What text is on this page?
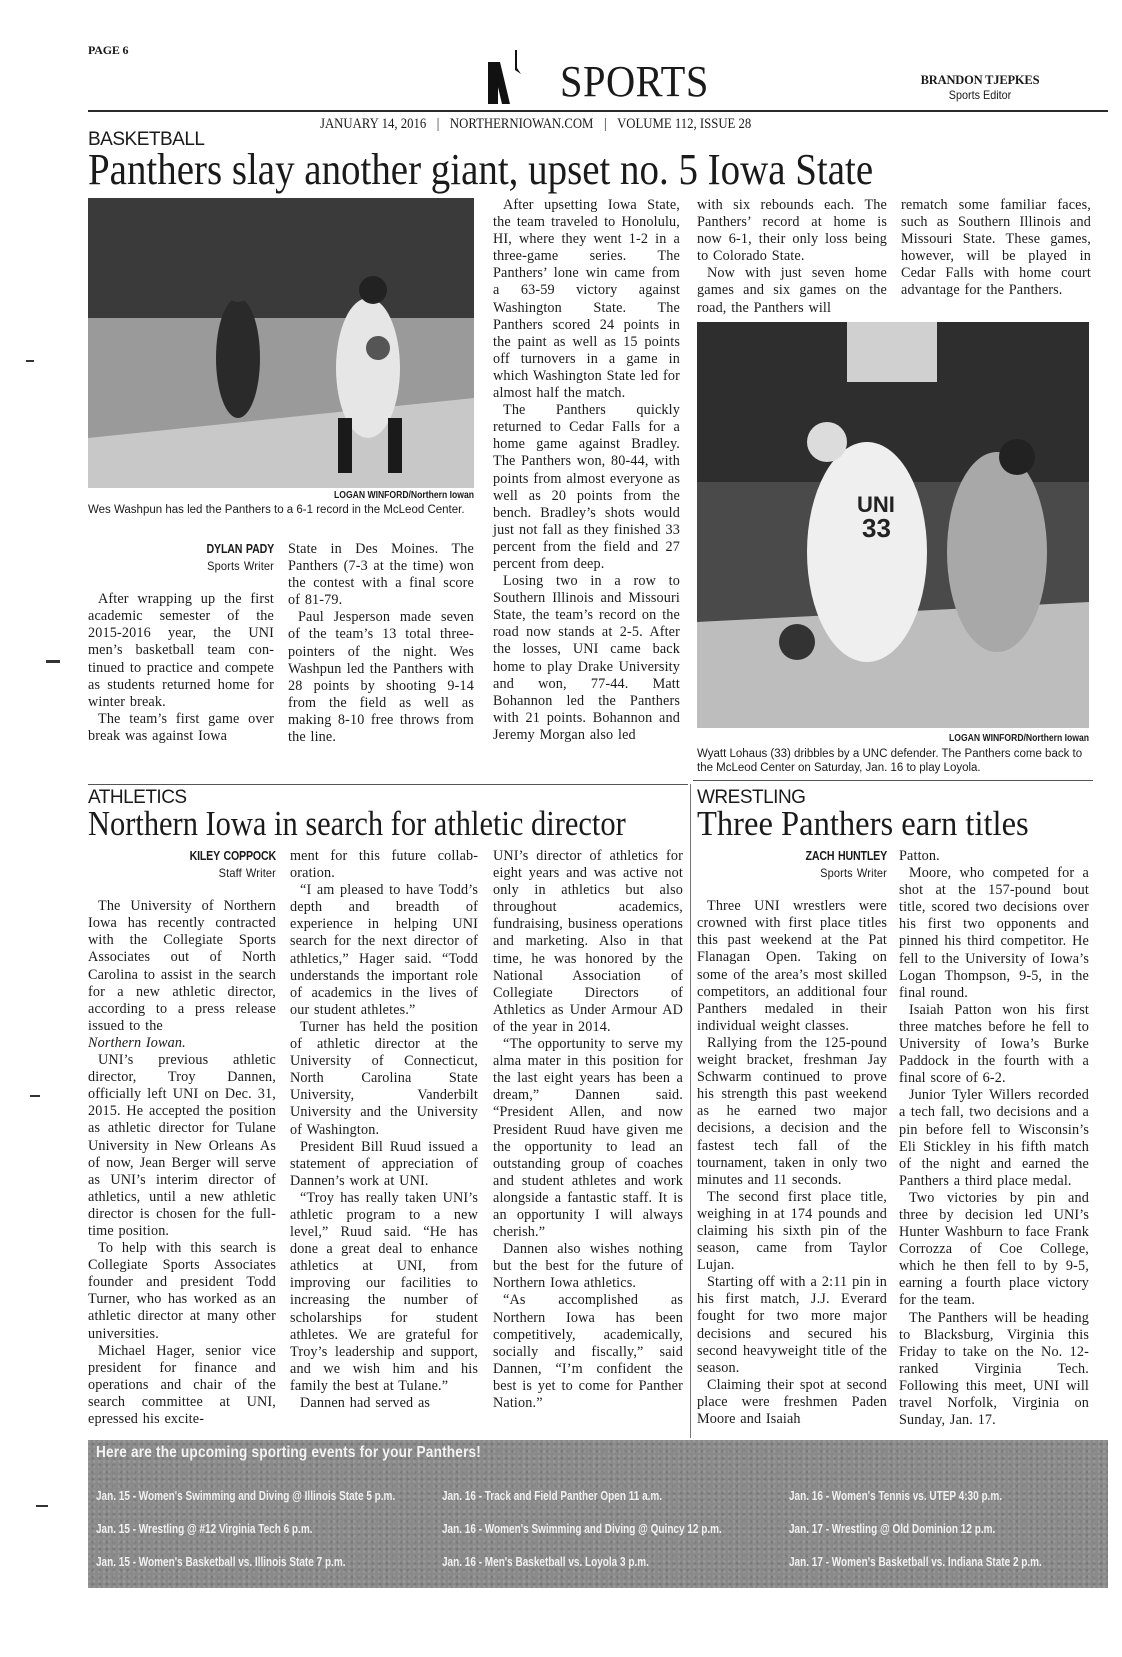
PAGE 6
SPORTS	BRANDON TJEPKES
Sports Editor
JANUARY 14, 2016 | NORTHERNIOWAN.COM | VOLUME 112, ISSUE 28
BASKETBALL
Panthers slay another giant, upset no. 5 Iowa State
LOGAN WINFORD/Northern Iowan
Wes Washpun has led the Panthers to a 6-1 record in the McLeod Center.
DYLAN PADY
Sports Writer

After wrapping up the first academic semester of the 2015-2016 year, the UNI men’s basketball team continued to practice and compete as students returned home for winter break.

The team’s first game over break was against Iowa

State in Des Moines. The Panthers (7-3 at the time) won the contest with a final score of 81-79.

Paul Jesperson made seven of the team’s 13 total three-pointers of the night. Wes Washpun led the Panthers with 28 points by shooting 9-14 from the field as well as making 8-10 free throws from the line.

After upsetting Iowa State, the team traveled to Honolulu, HI, where they went 1-2 in a three-game series. The Panthers’ lone win came from a 63-59 victory against Washington State. The Panthers scored 24 points in the paint as well as 15 points off turnovers in a game in which Washington State led for almost half the match.

The Panthers quickly returned to Cedar Falls for a home game against Bradley. The Panthers won, 80-44, with points from almost everyone as well as 20 points from the bench. Bradley’s shots would just not fall as they finished 33 percent from the field and 27 percent from deep.

Losing two in a row to Southern Illinois and Missouri State, the team’s record on the road now stands at 2-5. After the losses, UNI came back home to play Drake University and won, 77-44. Matt Bohannon led the Panthers with 21 points. Bohannon and Jeremy Morgan also led

with six rebounds each. The Panthers’ record at home is now 6-1, their only loss being to Colorado State.

Now with just seven home games and six games on the road, the Panthers will

rematch some familiar faces, such as Southern Illinois and Missouri State. These games, however, will be played in Cedar Falls with home court advantage for the Panthers.

UNI
33
LOGAN WINFORD/Northern Iowan
Wyatt Lohaus (33) dribbles by a UNC defender. The Panthers come back to the McLeod Center on Saturday, Jan. 16 to play Loyola.
ATHLETICS
Northern Iowa in search for athletic director
KILEY COPPOCK
Staff Writer

The University of Northern Iowa has recently contracted with the Collegiate Sports Associates out of North Carolina to assist in the search for a new athletic director, according to a press release issued to the

Northern Iowan.

UNI’s previous athletic director, Troy Dannen, officially left UNI on Dec. 31, 2015. He accepted the position as athletic director for Tulane University in New Orleans As of now, Jean Berger will serve as UNI’s interim director of athletics, until a new athletic director is chosen for the full-time position.

To help with this search is Collegiate Sports Associates founder and president Todd Turner, who has worked as an athletic director at many other universities.

Michael Hager, senior vice president for finance and operations and chair of the search committee at UNI, epressed his excite-

ment for this future collaboration.

“I am pleased to have Todd’s depth and breadth of experience in helping UNI search for the next director of athletics,” Hager said. “Todd understands the important role of academics in the lives of our student athletes.”

Turner has held the position of athletic director at the University of Connecticut, North Carolina State University, Vanderbilt University and the University of Washington.

President Bill Ruud issued a statement of appreciation of Dannen’s work at UNI.

“Troy has really taken UNI’s athletic program to a new level,” Ruud said. “He has done a great deal to enhance athletics at UNI, from improving our facilities to increasing the number of scholarships for student athletes. We are grateful for Troy’s leadership and support, and we wish him and his family the best at Tulane.”

Dannen had served as

UNI’s director of athletics for eight years and was active not only in athletics but also throughout academics, fundraising, business operations and marketing. Also in that time, he was honored by the National Association of Collegiate Directors of Athletics as Under Armour AD of the year in 2014.

“The opportunity to serve my alma mater in this position for the last eight years has been a dream,” Dannen said. “President Allen, and now President Ruud have given me the opportunity to lead an outstanding group of coaches and student athletes and work alongside a fantastic staff. It is an opportunity I will always cherish.”

Dannen also wishes nothing but the best for the future of Northern Iowa athletics.

“As accomplished as Northern Iowa has been competitively, academically, socially and fiscally,” said Dannen, “I’m confident the best is yet to come for Panther Nation.”

WRESTLING
Three Panthers earn titles
ZACH HUNTLEY
Sports Writer

Three UNI wrestlers were crowned with first place titles this past weekend at the Pat Flanagan Open. Taking on some of the area’s most skilled competitors, an additional four Panthers medaled in their individual weight classes.

Rallying from the 125-pound weight bracket, freshman Jay Schwarm continued to prove his strength this past weekend as he earned two major decisions, a decision and the fastest tech fall of the tournament, taken in only two minutes and 11 seconds.

The second first place title, weighing in at 174 pounds and claiming his sixth pin of the season, came from Taylor Lujan.

Starting off with a 2:11 pin in his first match, J.J. Everard fought for two more major decisions and secured his second heavyweight title of the season.

Claiming their spot at second place were freshmen Paden Moore and Isaiah

Patton.

Moore, who competed for a shot at the 157-pound bout title, scored two decisions over his first two opponents and pinned his third competitor. He fell to the University of Iowa’s Logan Thompson, 9-5, in the final round.

Isaiah Patton won his first three matches before he fell to University of Iowa’s Burke Paddock in the fourth with a final score of 6-2.

Junior Tyler Willers recorded a tech fall, two decisions and a pin before fell to Wisconsin’s Eli Stickley in his fifth match of the night and earned the Panthers a third place medal.

Two victories by pin and three by decision led UNI’s Hunter Washburn to face Frank Corrozza of Coe College, which he then fell to by 9-5, earning a fourth place victory for the team.

The Panthers will be heading to Blacksburg, Virginia this Friday to take on the No. 12-ranked Virginia Tech. Following this meet, UNI will travel Norfolk, Virginia on Sunday, Jan. 17.

Here are the upcoming sporting events for your Panthers!
Jan. 15 - Women's Swimming and Diving @ Illinois State 5 p.m.
Jan. 15 - Wrestling @ #12 Virginia Tech 6 p.m.
Jan. 15 - Women's Basketball vs. Illinois State 7 p.m.
Jan. 16 - Track and Field Panther Open 11 a.m.
Jan. 16 - Women's Swimming and Diving @ Quincy 12 p.m.
Jan. 16 - Men's Basketball vs. Loyola 3 p.m.
Jan. 16 - Women's Tennis vs. UTEP 4:30 p.m.
Jan. 17 - Wrestling @ Old Dominion 12 p.m.
Jan. 17 - Women's Basketball vs. Indiana State 2 p.m.
